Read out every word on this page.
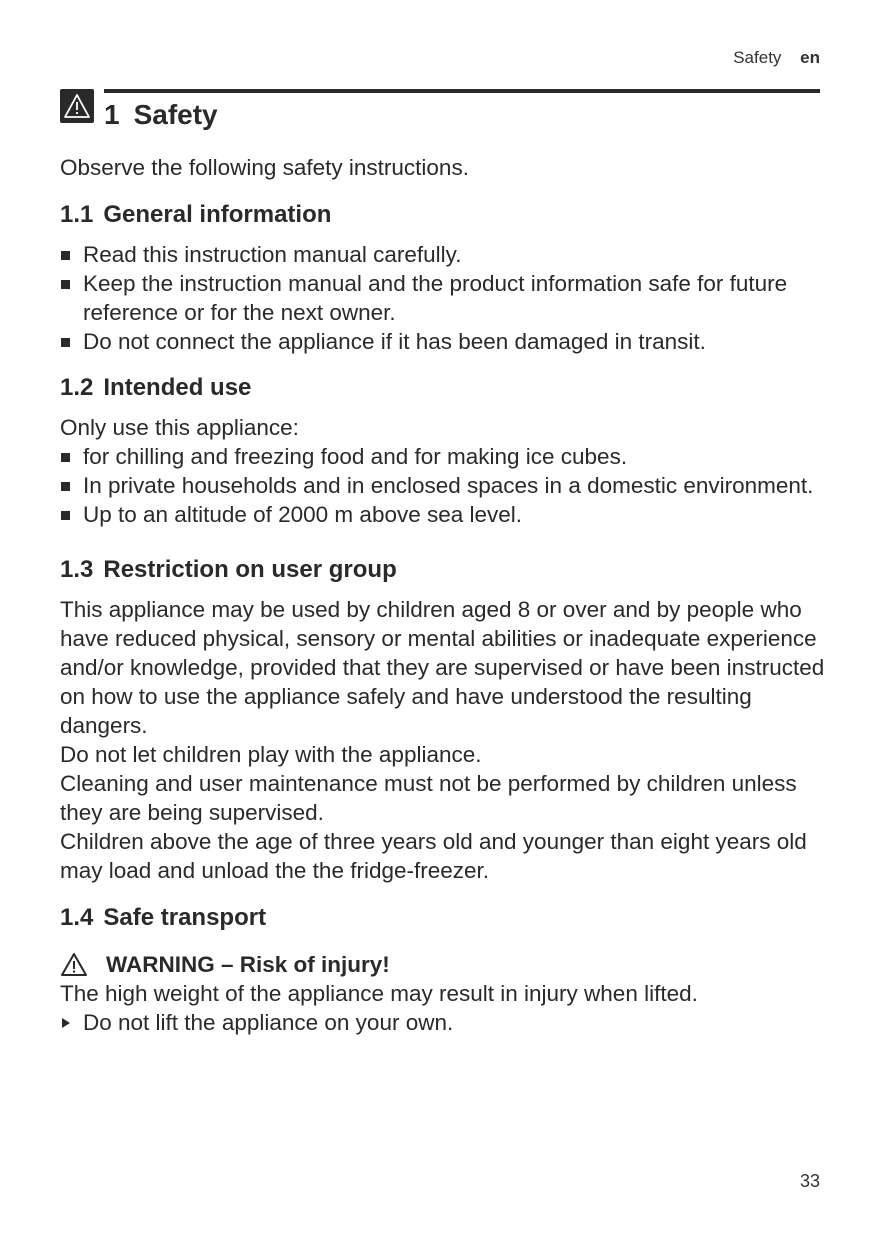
Safety en
1 Safety

Observe the following safety instructions.

1.1 General information
Read this instruction manual carefully.
Keep the instruction manual and the product information safe for future reference or for the next owner.
Do not connect the appliance if it has been damaged in transit.
1.2 Intended use

Only use this appliance:

for chilling and freezing food and for making ice cubes.
In private households and in enclosed spaces in a domestic environment.
Up to an altitude of 2000 m above sea level.
1.3 Restriction on user group

This appliance may be used by children aged 8 or over and by people who have reduced physical, sensory or mental abilities or inadequate experience and/or knowledge, provided that they are supervised or have been instructed on how to use the appliance safely and have understood the resulting dangers.

Do not let children play with the appliance.

Cleaning and user maintenance must not be performed by children unless they are being supervised.

Children above the age of three years old and younger than eight years old may load and unload the the fridge-freezer.

1.4 Safe transport
WARNING – Risk of injury!

The high weight of the appliance may result in injury when lifted.

Do not lift the appliance on your own.

33
